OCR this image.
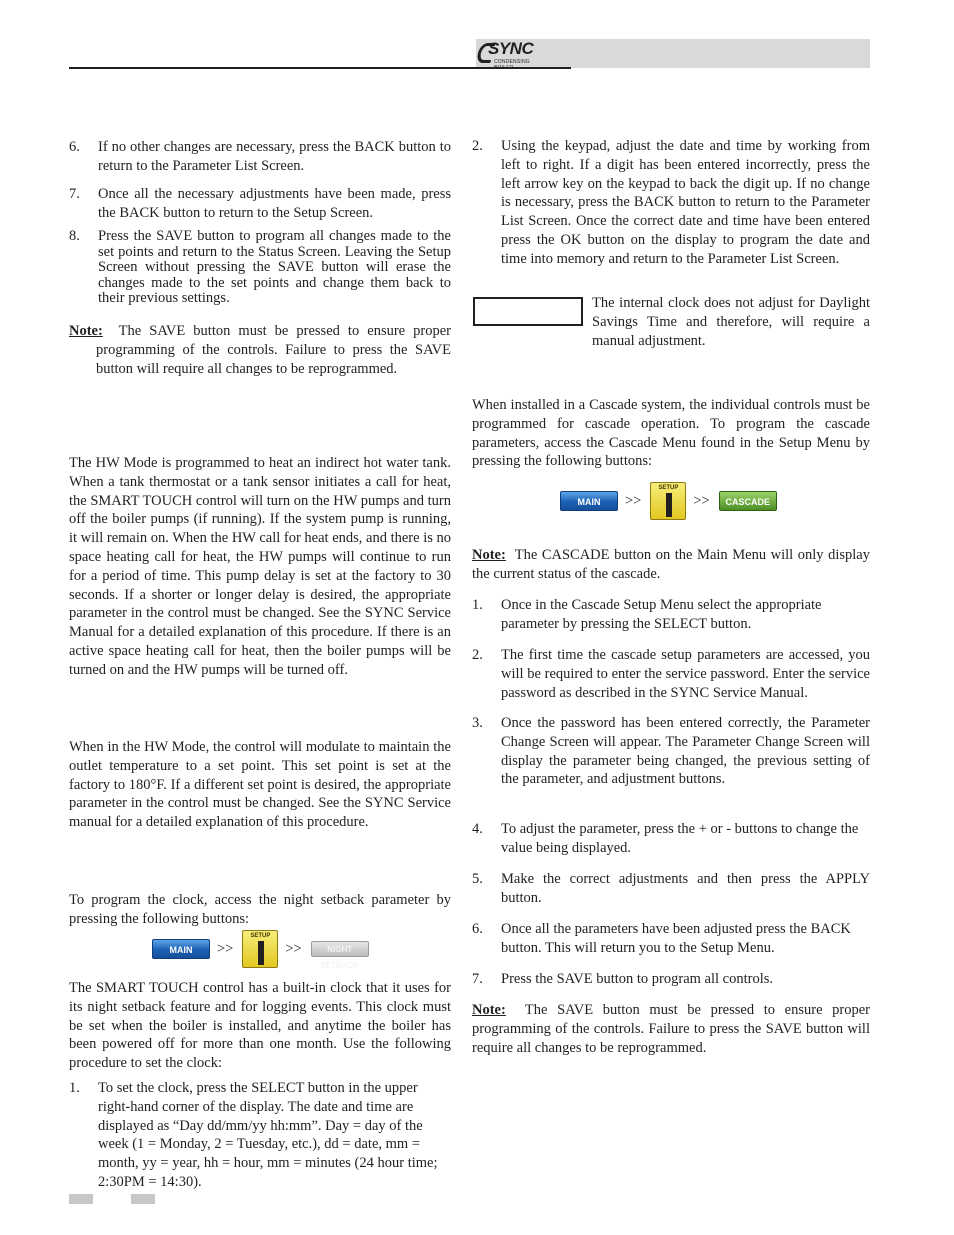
SYNC
CONDENSING BOILER
6.	If no other changes are necessary, press the BACK button to return to the Parameter List Screen.
7.	Once all the necessary adjustments have been made, press the BACK button to return to the Setup Screen.
8.	Press the SAVE button to program all changes made to the set points and return to the Status Screen. Leaving the Setup Screen without pressing the SAVE button will erase the changes made to the set points and change them back to their previous settings.

Note: The SAVE button must be pressed to ensure proper programming of the controls. Failure to press the SAVE button will require all changes to be reprogrammed.

The HW Mode is programmed to heat an indirect hot water tank. When a tank thermostat or a tank sensor initiates a call for heat, the SMART TOUCH control will turn on the HW pumps and turn off the boiler pumps (if running). If the system pump is running, it will remain on. When the HW call for heat ends, and there is no space heating call for heat, the HW pumps will continue to run for a period of time. This pump delay is set at the factory to 30 seconds. If a shorter or longer delay is desired, the appropriate parameter in the control must be changed. See the SYNC Service Manual for a detailed explanation of this procedure. If there is an active space heating call for heat, then the boiler pumps will be turned on and the HW pumps will be turned off.

When in the HW Mode, the control will modulate to maintain the outlet temperature to a set point. This set point is set at the factory to 180°F. If a different set point is desired, the appropriate parameter in the control must be changed. See the SYNC Service manual for a detailed explanation of this procedure.

To program the clock, access the night setback parameter by pressing the following buttons:

MAIN	>>
SETUP
>>	NIGHT SETBACK

The SMART TOUCH control has a built-in clock that it uses for its night setback feature and for logging events. This clock must be set when the boiler is installed, and anytime the boiler has been powered off for more than one month. Use the following procedure to set the clock:

1.	To set the clock, press the SELECT button in the upper right-hand corner of the display. The date and time are displayed as “Day dd/mm/yy hh:mm”. Day = day of the week (1 = Monday, 2 = Tuesday, etc.), dd = date, mm = month, yy = year, hh = hour, mm = minutes (24 hour time; 2:30PM = 14:30).
2.	Using the keypad, adjust the date and time by working from left to right. If a digit has been entered incorrectly, press the left arrow key on the keypad to back the digit up. If no change is necessary, press the BACK button to return to the Parameter List Screen. Once the correct date and time have been entered press the OK button on the display to program the date and time into memory and return to the Parameter List Screen.

The internal clock does not adjust for Daylight Savings Time and therefore, will require a manual adjustment.

When installed in a Cascade system, the individual controls must be programmed for cascade operation. To program the cascade parameters, access the Cascade Menu found in the Setup Menu by pressing the following buttons:

MAIN	>>
SETUP
>>	CASCADE

Note: The CASCADE button on the Main Menu will only display the current status of the cascade.

1.	Once in the Cascade Setup Menu select the appropriate parameter by pressing the SELECT button.
2.	The first time the cascade setup parameters are accessed, you will be required to enter the service password. Enter the service password as described in the SYNC Service Manual.
3.	Once the password has been entered correctly, the Parameter Change Screen will appear. The Parameter Change Screen will display the parameter being changed, the previous setting of the parameter, and adjustment buttons.
4.	To adjust the parameter, press the + or - buttons to change the value being displayed.
5.	Make the correct adjustments and then press the APPLY button.
6.	Once all the parameters have been adjusted press the BACK button. This will return you to the Setup Menu.
7.	Press the SAVE button to program all controls.

Note: The SAVE button must be pressed to ensure proper programming of the controls. Failure to press the SAVE button will require all changes to be reprogrammed.
